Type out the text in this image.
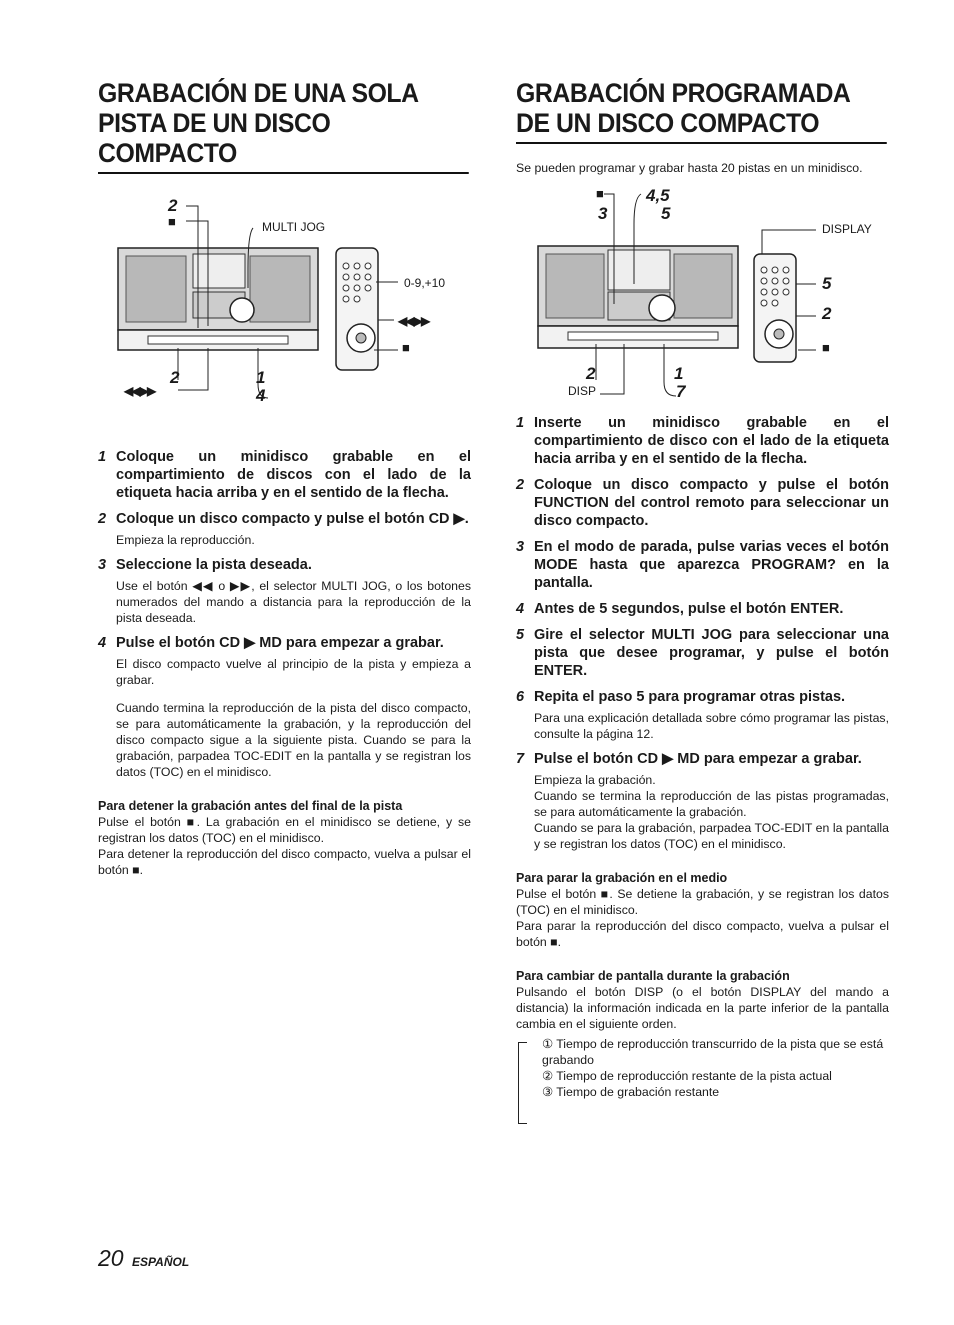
GRABACIÓN DE UNA SOLA PISTA DE UN DISCO COMPACTO
2
■	MULTI JOG
0-9,+10
◀◀,▶▶
■
2
◀◀,▶▶
1
4
1 Coloque un minidisco grabable en el compartimiento de discos con el lado de la etiqueta hacia arriba y en el sentido de la flecha.
2 Coloque un disco compacto y pulse el botón CD ▶.

Empieza la reproducción.

3 Seleccione la pista deseada.

Use el botón ◀◀ o ▶▶, el selector MULTI JOG, o los botones numerados del mando a distancia para la reproducción de la pista deseada.

4 Pulse el botón CD ▶ MD para empezar a grabar.

El disco compacto vuelve al principio de la pista y empieza a grabar.

Cuando termina la reproducción de la pista del disco compacto, se para automáticamente la grabación, y la reproducción del disco compacto sigue a la siguiente pista. Cuando se para la grabación, parpadea TOC-EDIT en la pantalla y se registran los datos (TOC) en el minidisco.

Para detener la grabación antes del final de la pista

Pulse el botón ■. La grabación en el minidisco se detiene, y se registran los datos (TOC) en el minidisco.

Para detener la reproducción del disco compacto, vuelva a pulsar el botón ■.

GRABACIÓN PROGRAMADA DE UN DISCO COMPACTO

Se pueden programar y grabar hasta 20 pistas en un minidisco.

■ 4,5
3	5
DISPLAY
5
2
■
2
DISP
1
7
1 Inserte un minidisco grabable en el compartimiento de disco con el lado de la etiqueta hacia arriba y en el sentido de la flecha.
2 Coloque un disco compacto y pulse el botón FUNCTION del control remoto para seleccionar un disco compacto.
3 En el modo de parada, pulse varias veces el botón MODE hasta que aparezca PROGRAM? en la pantalla.
4 Antes de 5 segundos, pulse el botón ENTER.
5 Gire el selector MULTI JOG para seleccionar una pista que desee programar, y pulse el botón ENTER.
6 Repita el paso 5 para programar otras pistas.

Para una explicación detallada sobre cómo programar las pistas, consulte la página 12.

7 Pulse el botón CD ▶ MD para empezar a grabar.

Empieza la grabación.
Cuando se termina la reproducción de las pistas programadas, se para automáticamente la grabación.
Cuando se para la grabación, parpadea TOC-EDIT en la pantalla y se registran los datos (TOC) en el minidisco.

Para parar la grabación en el medio

Pulse el botón ■. Se detiene la grabación, y se registran los datos (TOC) en el minidisco.

Para parar la reproducción del disco compacto, vuelva a pulsar el botón ■.

Para cambiar de pantalla durante la grabación

Pulsando el botón DISP (o el botón DISPLAY del mando a distancia) la información indicada en la parte inferior de la pantalla cambia en el siguiente orden.

① Tiempo de reproducción transcurrido de la pista que se está grabando
② Tiempo de reproducción restante de la pista actual
③ Tiempo de grabación restante
20 ESPAÑOL
